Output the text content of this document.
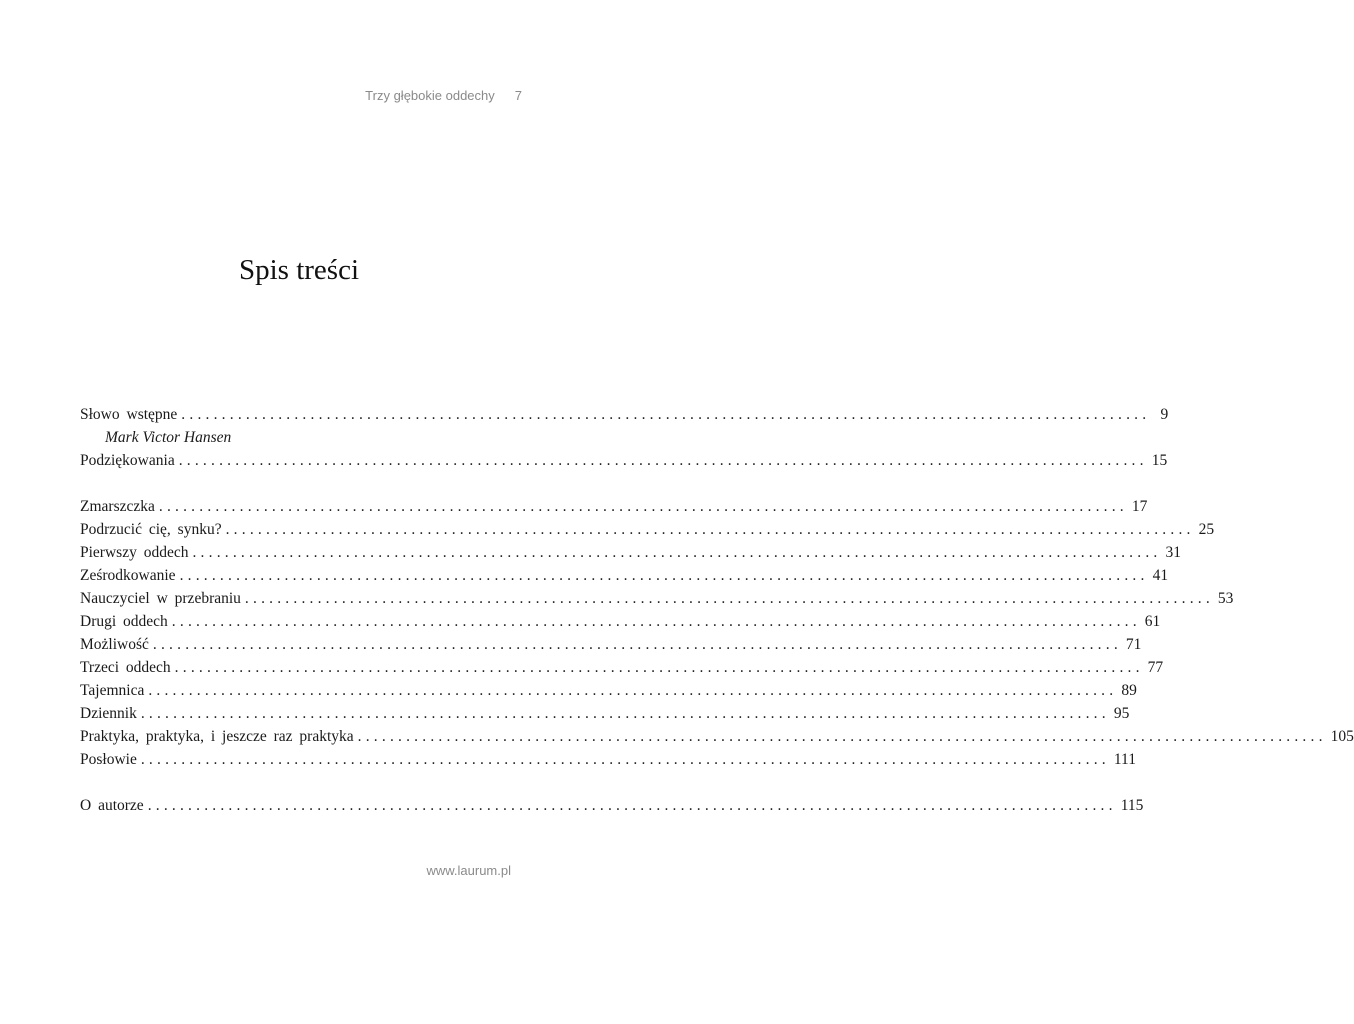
Trzy głębokie oddechy 7
Spis treści
Słowo wstępne ........................................................................................................................ 9
Mark Victor Hansen
Podziękowania ........................................................................................................................ 15
Zmarszczka ........................................................................................................................ 17
Podrzucić cię, synku? ........................................................................................................................ 25
Pierwszy oddech ........................................................................................................................ 31
Ześrodkowanie ........................................................................................................................ 41
Nauczyciel w przebraniu ........................................................................................................................ 53
Drugi oddech ........................................................................................................................ 61
Możliwość ........................................................................................................................ 71
Trzeci oddech ........................................................................................................................ 77
Tajemnica ........................................................................................................................ 89
Dziennik ........................................................................................................................ 95
Praktyka, praktyka, i jeszcze raz praktyka ........................................................................................................................ 105
Posłowie ........................................................................................................................ 111
O autorze ........................................................................................................................ 115
www.laurum.pl
